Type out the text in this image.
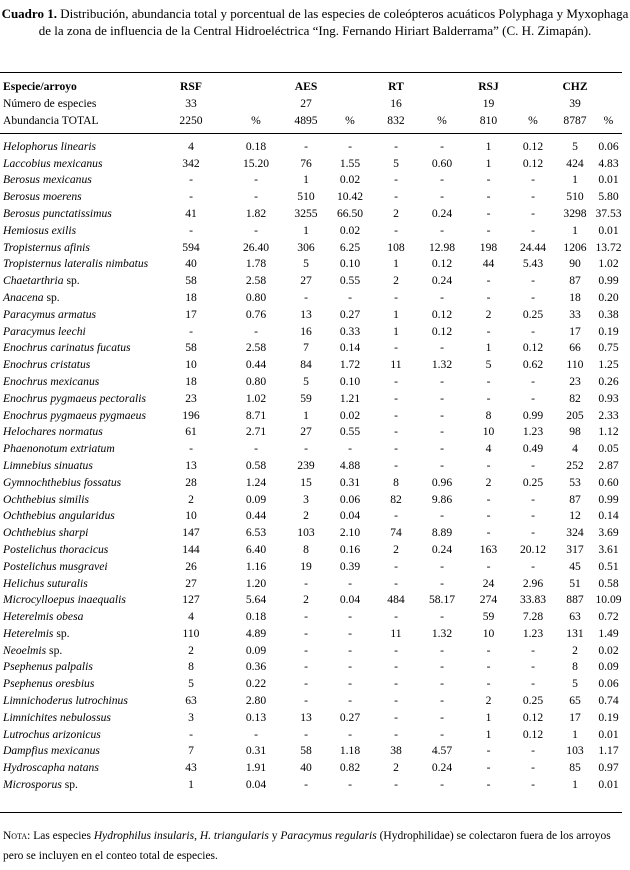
Cuadro 1. Distribución, abundancia total y porcentual de las especies de coleópteros acuáticos Polyphaga y Myxophaga de la zona de influencia de la Central Hidroeléctrica “Ing. Fernando Hiriart Balderrama” (C. H. Zimapán).
Especie/arroyo	RSF		AES		RT		RSJ		CHZ	
Número de especies	33		27		16		19		39	
Abundancia TOTAL	2250	%	4895	%	832	%	810	%	8787	%

Helophorus linearis	4	0.18	-	-	-	-	1	0.12	5	0.06
Laccobius mexicanus	342	15.20	76	1.55	5	0.60	1	0.12	424	4.83
Berosus mexicanus	-	-	1	0.02	-	-	-	-	1	0.01
Berosus moerens	-	-	510	10.42	-	-	-	-	510	5.80
Berosus punctatissimus	41	1.82	3255	66.50	2	0.24	-	-	3298	37.53
Hemiosus exilis	-	-	1	0.02	-	-	-	-	1	0.01
Tropisternus afinis	594	26.40	306	6.25	108	12.98	198	24.44	1206	13.72
Tropisternus lateralis nimbatus	40	1.78	5	0.10	1	0.12	44	5.43	90	1.02
Chaetarthria sp.	58	2.58	27	0.55	2	0.24	-	-	87	0.99
Anacena sp.	18	0.80	-	-	-	-	-	-	18	0.20
Paracymus armatus	17	0.76	13	0.27	1	0.12	2	0.25	33	0.38
Paracymus leechi	-	-	16	0.33	1	0.12	-	-	17	0.19
Enochrus carinatus fucatus	58	2.58	7	0.14	-	-	1	0.12	66	0.75
Enochrus cristatus	10	0.44	84	1.72	11	1.32	5	0.62	110	1.25
Enochrus mexicanus	18	0.80	5	0.10	-	-	-	-	23	0.26
Enochrus pygmaeus pectoralis	23	1.02	59	1.21	-	-	-	-	82	0.93
Enochrus pygmaeus pygmaeus	196	8.71	1	0.02	-	-	8	0.99	205	2.33
Helochares normatus	61	2.71	27	0.55	-	-	10	1.23	98	1.12
Phaenonotum extriatum	-	-	-	-	-	-	4	0.49	4	0.05
Limnebius sinuatus	13	0.58	239	4.88	-	-	-	-	252	2.87
Gymnochthebius fossatus	28	1.24	15	0.31	8	0.96	2	0.25	53	0.60
Ochthebius similis	2	0.09	3	0.06	82	9.86	-	-	87	0.99
Ochthebius angularidus	10	0.44	2	0.04	-	-	-	-	12	0.14
Ochthebius sharpi	147	6.53	103	2.10	74	8.89	-	-	324	3.69
Postelichus thoracicus	144	6.40	8	0.16	2	0.24	163	20.12	317	3.61
Postelichus musgravei	26	1.16	19	0.39	-	-	-	-	45	0.51
Helichus suturalis	27	1.20	-	-	-	-	24	2.96	51	0.58
Microcylloepus inaequalis	127	5.64	2	0.04	484	58.17	274	33.83	887	10.09
Heterelmis obesa	4	0.18	-	-	-	-	59	7.28	63	0.72
Heterelmis sp.	110	4.89	-	-	11	1.32	10	1.23	131	1.49
Neoelmis sp.	2	0.09	-	-	-	-	-	-	2	0.02
Psephenus palpalis	8	0.36	-	-	-	-	-	-	8	0.09
Psephenus oresbius	5	0.22	-	-	-	-	-	-	5	0.06
Limnichoderus lutrochinus	63	2.80	-	-	-	-	2	0.25	65	0.74
Limnichites nebulossus	3	0.13	13	0.27	-	-	1	0.12	17	0.19
Lutrochus arizonicus	-	-	-	-	-	-	1	0.12	1	0.01
Dampfius mexicanus	7	0.31	58	1.18	38	4.57	-	-	103	1.17
Hydroscapha natans	43	1.91	40	0.82	2	0.24	-	-	85	0.97
Microsporus sp.	1	0.04	-	-	-	-	-	-	1	0.01
Nota: Las especies Hydrophilus insularis, H. triangularis y Paracymus regularis (Hydrophilidae) se colectaron fuera de los arroyos pero se incluyen en el conteo total de especies.
